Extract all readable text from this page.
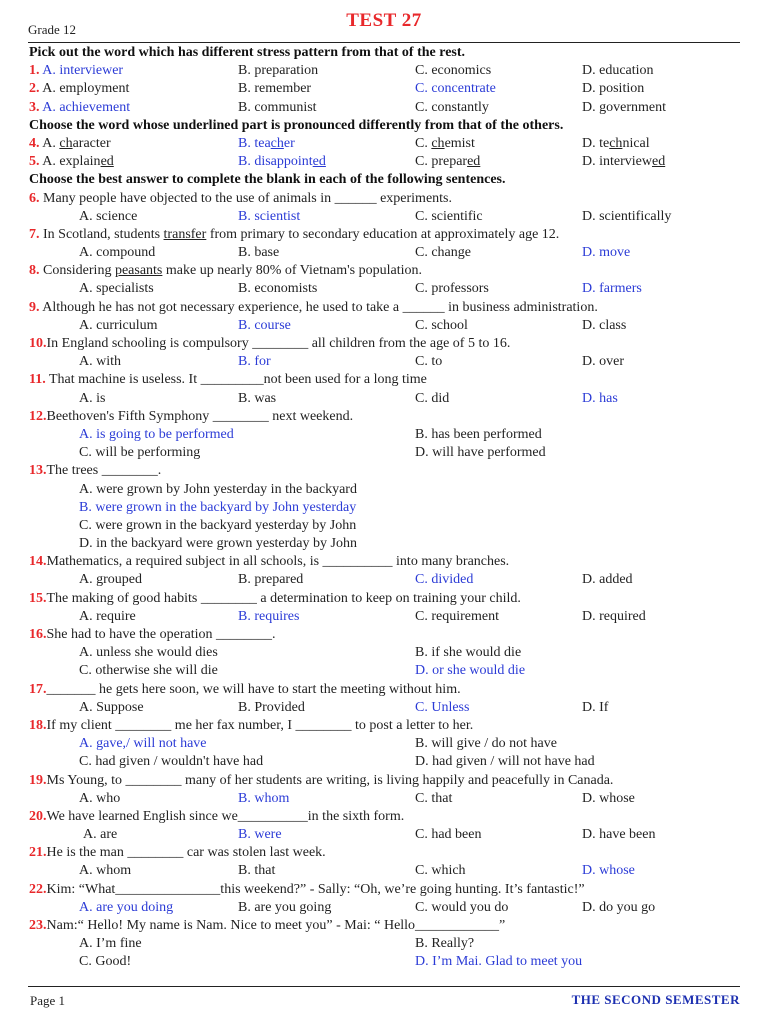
Grade 12	TEST 27
Pick out the word which has different stress pattern from that of the rest.
1. A. interviewer	B. preparation	C. economics	D. education
2. A. employment	B. remember	C. concentrate	D. position
3. A. achievement	B. communist	C. constantly	D. government
Choose the word whose underlined part is pronounced differently from that of the others.
4. A. character	B. teacher	C. chemist	D. technical
5. A. explained	B. disappointed	C. prepared	D. interviewed
Choose the best answer to complete the blank in each of the following sentences.
6. Many people have objected to the use of animals in ______ experiments.
A. science	B. scientist	C. scientific	D. scientifically
7. In Scotland, students transfer from primary to secondary education at approximately age 12.
A. compound	B. base	C. change	D. move
8. Considering peasants make up nearly 80% of Vietnam's population.
A. specialists	B. economists	C. professors	D. farmers
9. Although he has not got necessary experience, he used to take a ______ in business administration.
A. curriculum	B. course	C. school	D. class
10.In England schooling is compulsory ________ all children from the age of 5 to 16.
A. with	B. for	C. to	D. over
11. That machine is useless. It _________not been used for a long time
A. is	B. was	C. did	D. has
12.Beethoven's Fifth Symphony ________ next weekend.
A. is going to be performed	B. has been performed
C. will be performing	D. will have performed
13.The trees ________.
A. were grown by John yesterday in the backyard
B. were grown in the backyard by John yesterday
C. were grown in the backyard yesterday by John
D. in the backyard were grown yesterday by John
14.Mathematics, a required subject in all schools, is __________ into many branches.
A. grouped	B. prepared	C. divided	D. added
15.The making of good habits ________ a determination to keep on training your child.
A. require	B. requires	C. requirement	D. required
16.She had to have the operation ________.
A. unless she would dies	B. if she would die
C. otherwise she will die	D. or she would die
17._______ he gets here soon, we will have to start the meeting without him.
A. Suppose	B. Provided	C. Unless	D. If
18.If my client ________ me her fax number, I ________ to post a letter to her.
A. gave,/ will not have	B. will give / do not have
C. had given / wouldn't have had	D. had given / will not have had
19.Ms Young, to ________ many of her students are writing, is living happily and peacefully in Canada.
A. who	B. whom	C. that	D. whose
20.We have learned English since we__________in the sixth form.
A. are	B. were	C. had been	D. have been
21.He is the man ________ car was stolen last week.
A. whom	B. that	C. which	D. whose
22.Kim: “What_______________this weekend?” - Sally: “Oh, we’re going hunting. It’s fantastic!”
A. are you doing	B. are you going	C. would you do	D. do you go
23.Nam:“ Hello! My name is Nam. Nice to meet you” - Mai: “ Hello____________”
A. I’m fine	B. Really?
C. Good!	D. I’m Mai. Glad to meet you
Page 1	THE SECOND SEMESTER
